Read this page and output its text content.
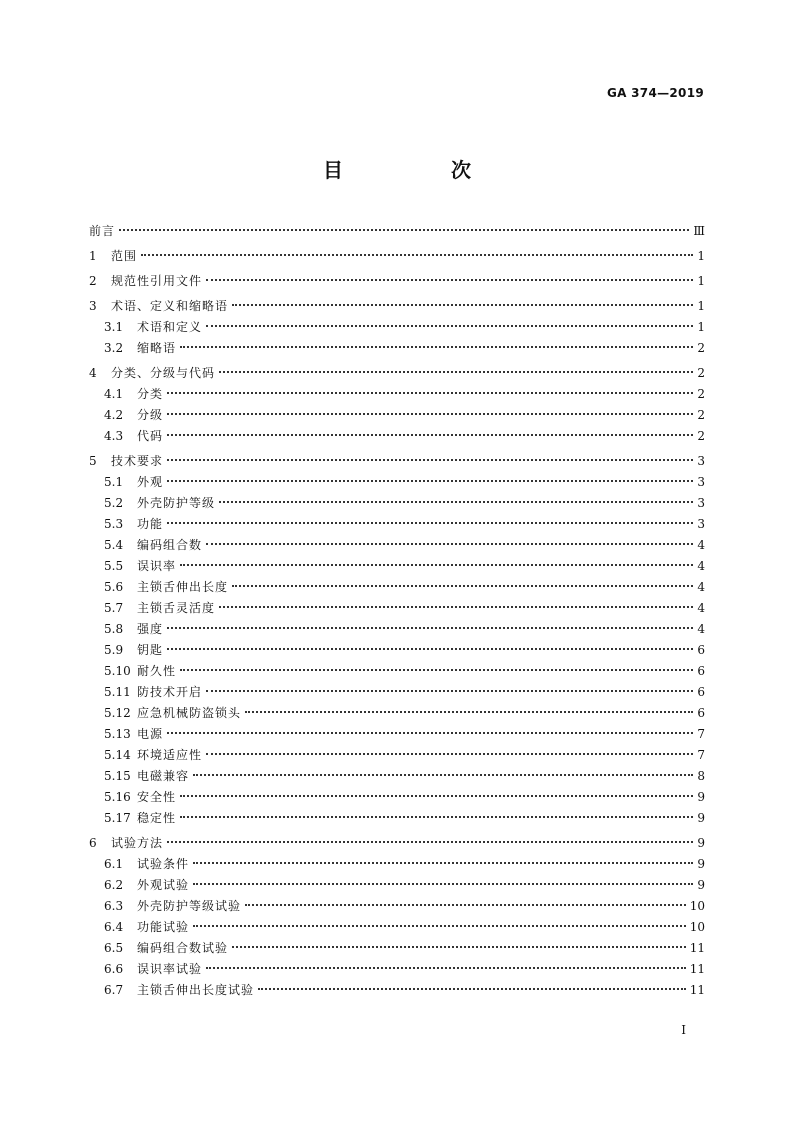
GA 374—2019
目　次
前言	Ⅲ
1	范围	1
2	规范性引用文件	1
3	术语、定义和缩略语	1
3.1	术语和定义	1
3.2	缩略语	2
4	分类、分级与代码	2
4.1	分类	2
4.2	分级	2
4.3	代码	2
5	技术要求	3
5.1	外观	3
5.2	外壳防护等级	3
5.3	功能	3
5.4	编码组合数	4
5.5	误识率	4
5.6	主锁舌伸出长度	4
5.7	主锁舌灵活度	4
5.8	强度	4
5.9	钥匙	6
5.10 耐久性	6
5.11 防技术开启	6
5.12 应急机械防盗锁头	6
5.13 电源	7
5.14 环境适应性	7
5.15 电磁兼容	8
5.16 安全性	9
5.17 稳定性	9
6	试验方法	9
6.1	试验条件	9
6.2	外观试验	9
6.3	外壳防护等级试验	10
6.4	功能试验	10
6.5	编码组合数试验	11
6.6	误识率试验	11
6.7	主锁舌伸出长度试验	11
Ⅰ
